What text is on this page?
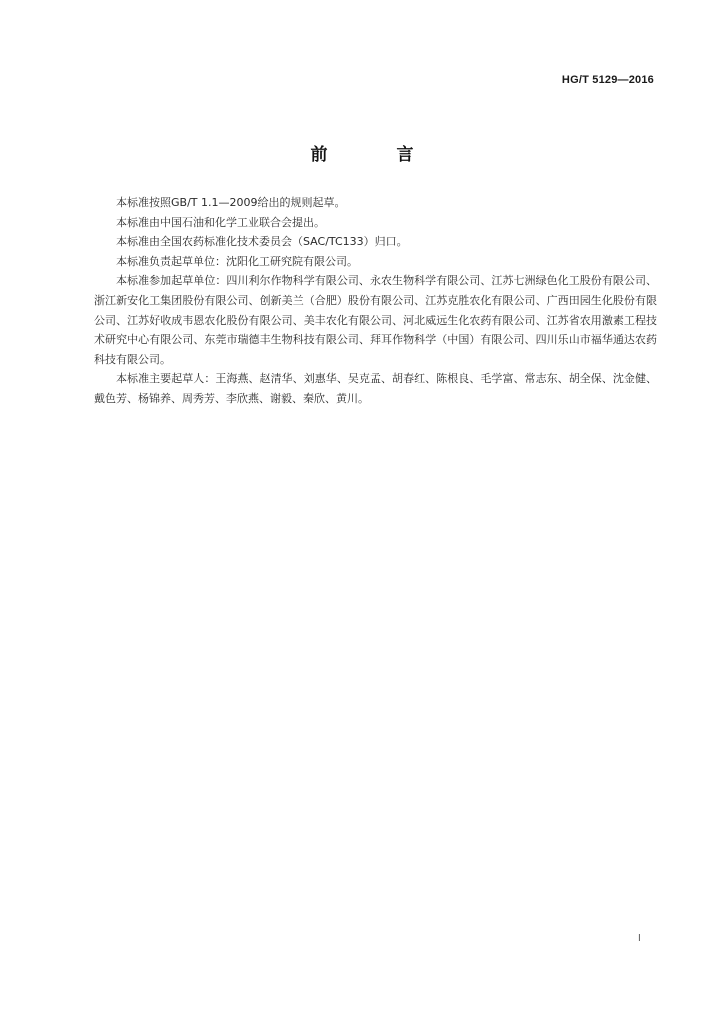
HG/T 5129—2016
前　言

本标准按照GB/T 1.1—2009给出的规则起草。

本标准由中国石油和化学工业联合会提出。

本标准由全国农药标准化技术委员会（SAC/TC133）归口。

本标准负责起草单位：沈阳化工研究院有限公司。

本标准参加起草单位：四川利尔作物科学有限公司、永农生物科学有限公司、江苏七洲绿色化工股份有限公司、浙江新安化工集团股份有限公司、创新美兰（合肥）股份有限公司、江苏克胜农化有限公司、广西田园生化股份有限公司、江苏好收成韦恩农化股份有限公司、美丰农化有限公司、河北威远生化农药有限公司、江苏省农用激素工程技术研究中心有限公司、东莞市瑞德丰生物科技有限公司、拜耳作物科学（中国）有限公司、四川乐山市福华通达农药科技有限公司。

本标准主要起草人：王海燕、赵清华、刘惠华、吴克孟、胡春红、陈根良、毛学富、常志东、胡全保、沈金健、戴色芳、杨锦养、周秀芳、李欣燕、谢毅、秦欣、黄川。

I
